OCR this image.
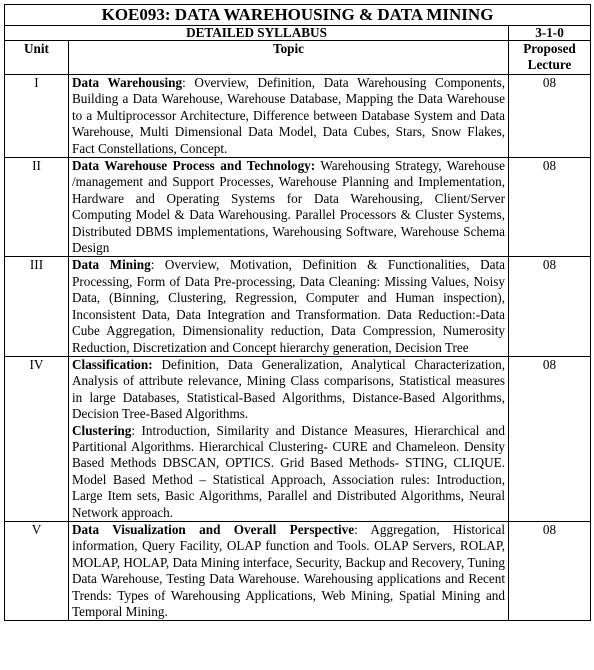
KOE093: DATA WAREHOUSING & DATA MINING		
DETAILED SYLLABUS		3-1-0
Unit	Topic	Proposed
Lecture

I	Data Warehousing: Overview, Definition, Data Warehousing Components, Building a Data Warehouse, Warehouse Database, Mapping the Data Warehouse to a Multiprocessor Architecture, Difference between Database System and Data Warehouse, Multi Dimensional Data Model, Data Cubes, Stars, Snow Flakes, Fact Constellations, Concept.	08
II	Data Warehouse Process and Technology: Warehousing Strategy, Warehouse /management and Support Processes, Warehouse Planning and Implementation, Hardware and Operating Systems for Data Warehousing, Client/Server Computing Model & Data Warehousing. Parallel Processors & Cluster Systems, Distributed DBMS implementations, Warehousing Software, Warehouse Schema Design	08
III	Data Mining: Overview, Motivation, Definition & Functionalities, Data Processing, Form of Data Pre-processing, Data Cleaning: Missing Values, Noisy Data, (Binning, Clustering, Regression, Computer and Human inspection), Inconsistent Data, Data Integration and Transformation. Data Reduction:-Data Cube Aggregation, Dimensionality reduction, Data Compression, Numerosity Reduction, Discretization and Concept hierarchy generation, Decision Tree	08
IV	Classification: Definition, Data Generalization, Analytical Characterization, Analysis of attribute relevance, Mining Class comparisons, Statistical measures in large Databases, Statistical-Based Algorithms, Distance-Based Algorithms, Decision Tree-Based Algorithms.
Clustering: Introduction, Similarity and Distance Measures, Hierarchical and Partitional Algorithms. Hierarchical Clustering- CURE and Chameleon. Density Based Methods DBSCAN, OPTICS. Grid Based Methods- STING, CLIQUE. Model Based Method – Statistical Approach, Association rules: Introduction, Large Item sets, Basic Algorithms, Parallel and Distributed Algorithms, Neural Network approach.	08
V	Data Visualization and Overall Perspective: Aggregation, Historical information, Query Facility, OLAP function and Tools. OLAP Servers, ROLAP, MOLAP, HOLAP, Data Mining interface, Security, Backup and Recovery, Tuning Data Warehouse, Testing Data Warehouse. Warehousing applications and Recent Trends: Types of Warehousing Applications, Web Mining, Spatial Mining and Temporal Mining.	08
